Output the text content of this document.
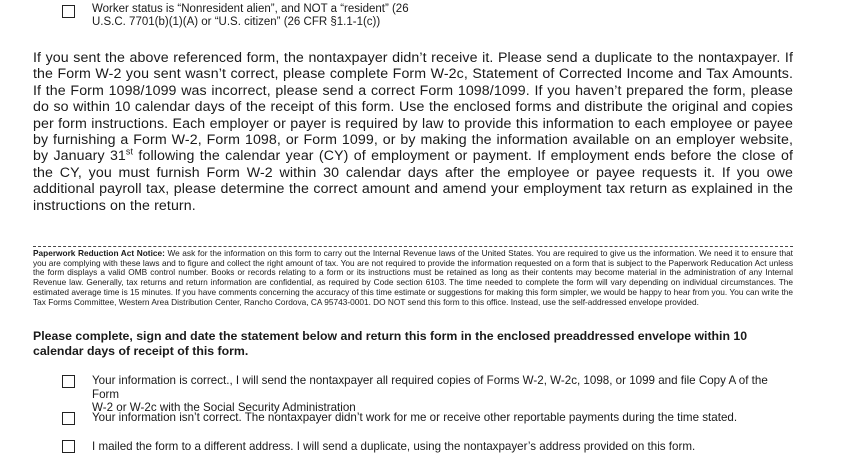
Worker status is “Nonresident alien”, and NOT a “resident” (26
U.S.C. 7701(b)(1)(A) or “U.S. citizen” (26 CFR §1.1-1(c))
If you sent the above referenced form, the nontaxpayer didn’t receive it. Please send a duplicate to the nontaxpayer. If the Form W-2 you sent wasn’t correct, please complete Form W-2c, Statement of Corrected Income and Tax Amounts. If the Form 1098/1099 was incorrect, please send a correct Form 1098/1099. If you haven’t prepared the form, please do so within 10 calendar days of the receipt of this form. Use the enclosed forms and distribute the original and copies per form instructions. Each employer or payer is required by law to provide this information to each employee or payee by furnishing a Form W-2, Form 1098, or Form 1099, or by making the information available on an employer website, by January 31st following the calendar year (CY) of employment or payment. If employment ends before the close of the CY, you must furnish Form W-2 within 30 calendar days after the employee or payee requests it. If you owe additional payroll tax, please determine the correct amount and amend your employment tax return as explained in the instructions on the return.
Paperwork Reduction Act Notice: We ask for the information on this form to carry out the Internal Revenue laws of the United States. You are required to give us the information. We need it to ensure that you are complying with these laws and to figure and collect the right amount of tax. You are not required to provide the information requested on a form that is subject to the Paperwork Reducation Act unless the form displays a valid OMB control number. Books or records relating to a form or its instructions must be retained as long as their contents may become material in the administration of any Internal Revenue law. Generally, tax returns and return information are confidential, as required by Code section 6103. The time needed to complete the form will vary depending on individual circumstances. The estimated average time is 15 minutes. If you have comments concerning the accuracy of this time estimate or suggestions for making this form simpler, we would be happy to hear from you. You can write the Tax Forms Committee, Western Area Distribution Center, Rancho Cordova, CA 95743-0001. DO NOT send this form to this office. Instead, use the self-addressed envelope provided.
Please complete, sign and date the statement below and return this form in the enclosed preaddressed envelope within 10 calendar days of receipt of this form.
Your information is correct., I will send the nontaxpayer all required copies of Forms W-2, W-2c, 1098, or 1099 and file Copy A of the Form
W-2 or W-2c with the Social Security Administration
Your information isn’t correct. The nontaxpayer didn’t work for me or receive other reportable payments during the time stated.
I mailed the form to a different address. I will send a duplicate, using the nontaxpayer’s address provided on this form.
